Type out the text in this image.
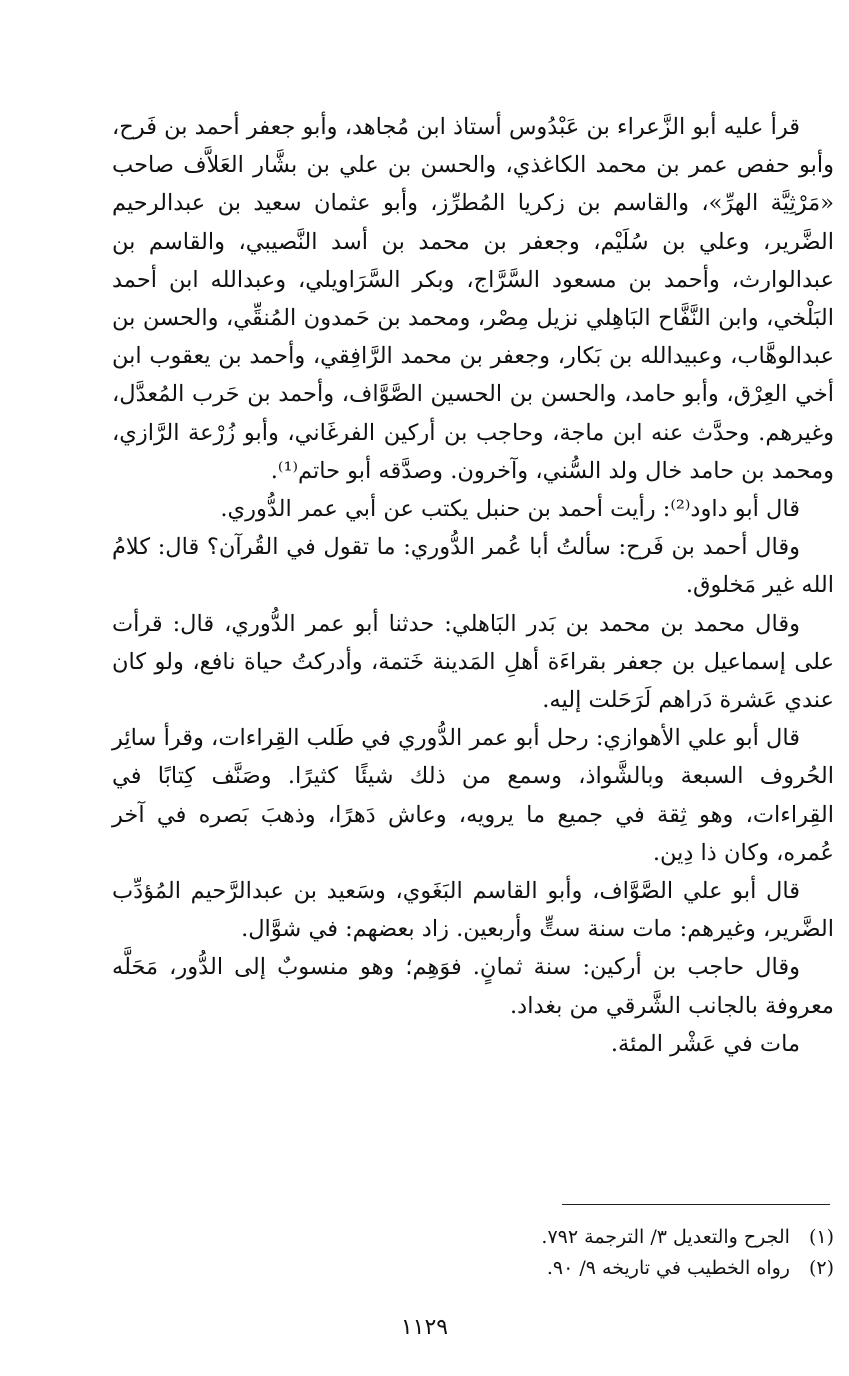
قرأ عليه أبو الزَّعراء بن عَبْدُوس أستاذ ابن مُجاهد، وأبو جعفر أحمد بن فَرح، وأبو حفص عمر بن محمد الكاغذي، والحسن بن علي بن بشَّار العَلاَّف صاحب «مَرْثِيَّة الهرِّ»، والقاسم بن زكريا المُطرِّز، وأبو عثمان سعيد بن عبدالرحيم الضَّرير، وعلي بن سُلَيْم، وجعفر بن محمد بن أسد النَّصيبي، والقاسم بن عبدالوارث، وأحمد بن مسعود السَّرَّاج، وبكر السَّرَاويلي، وعبدالله ابن أحمد البَلْخي، وابن النَّفَّاح البَاهِلي نزيل مِصْر، ومحمد بن حَمدون المُنقِّي، والحسن بن عبدالوهَّاب، وعبيدالله بن بَكار، وجعفر بن محمد الرَّافِقي، وأحمد بن يعقوب ابن أخي العِرْق، وأبو حامد، والحسن بن الحسين الصَّوَّاف، وأحمد بن حَرب المُعدَّل، وغيرهم. وحدَّث عنه ابن ماجة، وحاجب بن أركين الفرغَاني، وأبو زُرْعة الرَّازي، ومحمد بن حامد خال ولد السُّني، وآخرون. وصدَّقه أبو حاتم⁽¹⁾.

قال أبو داود⁽²⁾: رأيت أحمد بن حنبل يكتب عن أبي عمر الدُّوري.

وقال أحمد بن فَرح: سألتُ أبا عُمر الدُّوري: ما تقول في القُرآن؟ قال: كلامُ الله غير مَخلوق.

وقال محمد بن محمد بن بَدر البَاهلي: حدثنا أبو عمر الدُّوري، قال: قرأت على إسماعيل بن جعفر بقراءَة أهلِ المَدينة خَتمة، وأدركتُ حياة نافع، ولو كان عندي عَشرة دَراهم لَرَحَلت إليه.

قال أبو علي الأهوازي: رحل أبو عمر الدُّوري في طَلب القِراءات، وقرأ سائِر الحُروف السبعة وبالشَّواذ، وسمع من ذلك شيئًا كثيرًا. وصَنَّف كِتابًا في القِراءات، وهو ثِقة في جميع ما يرويه، وعاش دَهرًا، وذهبَ بَصره في آخر عُمره، وكان ذا دِين.

قال أبو علي الصَّوَّاف، وأبو القاسم البَغَوي، وسَعيد بن عبدالرَّحيم المُؤدِّب الضَّرير، وغيرهم: مات سنة ستٍّ وأربعين. زاد بعضهم: في شوَّال.

وقال حاجب بن أركين: سنة ثمانٍ. فوَهِم؛ وهو منسوبٌ إلى الدُّور، مَحَلَّه معروفة بالجانب الشَّرقي من بغداد.

مات في عَشْر المئة.

(١) الجرح والتعديل ٣/ الترجمة ٧٩٢.
(٢) رواه الخطيب في تاريخه ٩/ ٩٠.
١١٢٩
